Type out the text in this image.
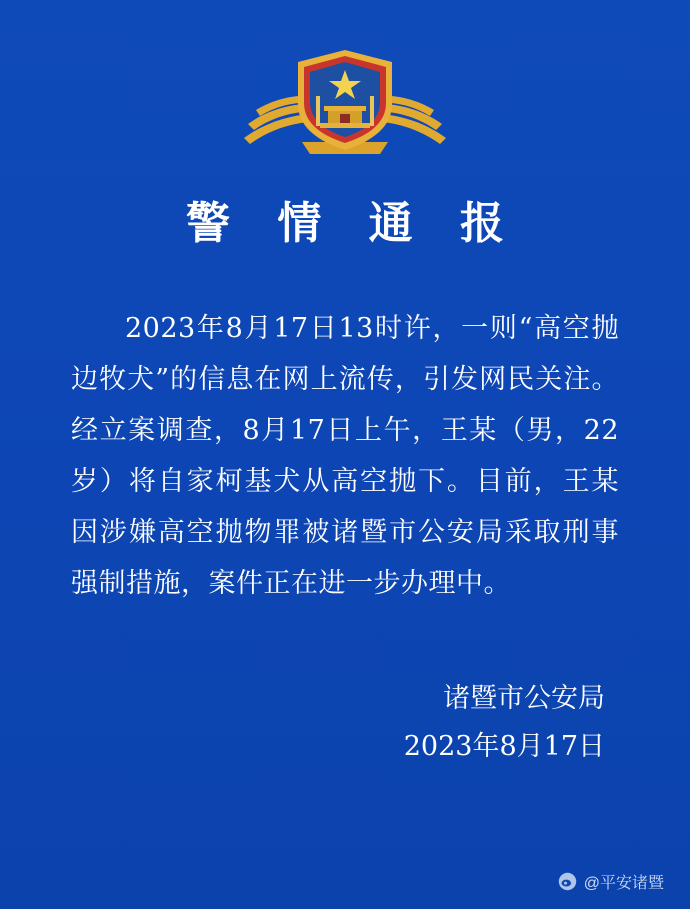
警 情 通 报
2023年8月17日13时许，一则“高空抛边牧犬”的信息在网上流传，引发网民关注。经立案调查，8月17日上午，王某（男，22岁）将自家柯基犬从高空抛下。目前，王某因涉嫌高空抛物罪被诸暨市公安局采取刑事强制措施，案件正在进一步办理中。
诸暨市公安局
2023年8月17日
@平安诸暨
